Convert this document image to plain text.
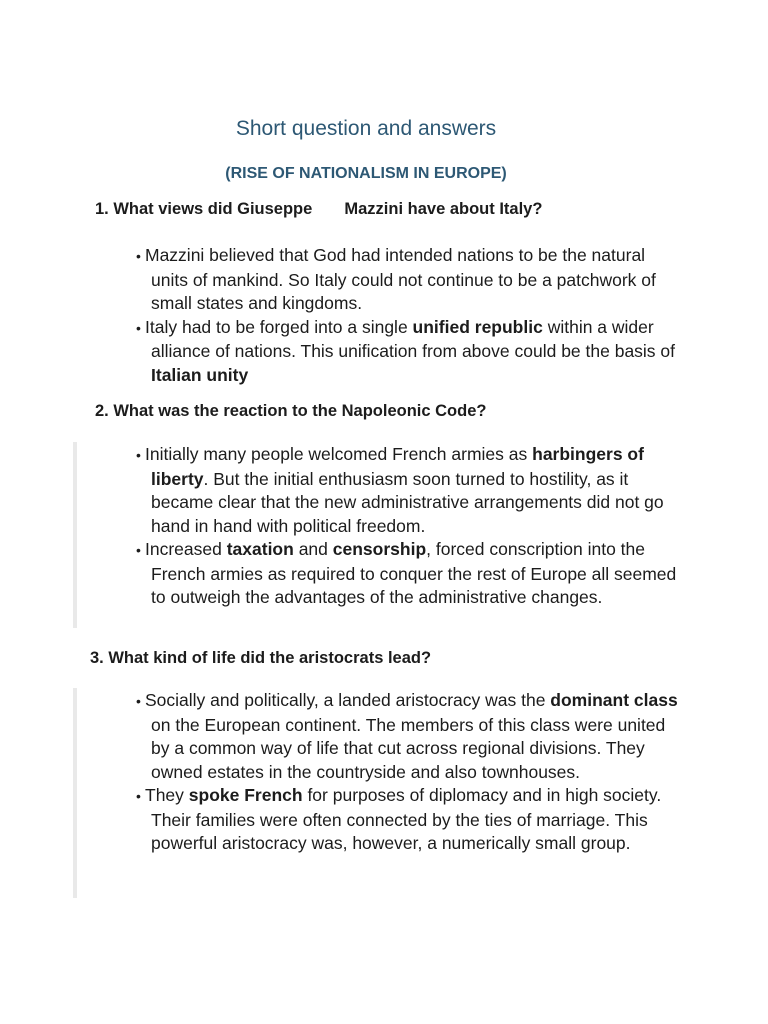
Short question and answers
(RISE OF NATIONALISM IN EUROPE)
1. What views did Giuseppe       Mazzini have about Italy?
• Mazzini believed that God had intended nations to be the natural units of mankind. So Italy could not continue to be a patchwork of small states and kingdoms.
• Italy had to be forged into a single unified republic within a wider alliance of nations. This unification from above could be the basis of Italian unity
2. What was the reaction to the Napoleonic Code?
• Initially many people welcomed French armies as harbingers of liberty. But the initial enthusiasm soon turned to hostility, as it became clear that the new administrative arrangements did not go hand in hand with political freedom.
• Increased taxation and censorship, forced conscription into the French armies as required to conquer the rest of Europe all seemed to outweigh the advantages of the administrative changes.
3. What kind of life did the aristocrats lead?
• Socially and politically, a landed aristocracy was the dominant class on the European continent. The members of this class were united by a common way of life that cut across regional divisions. They owned estates in the countryside and also townhouses.
• They spoke French for purposes of diplomacy and in high society. Their families were often connected by the ties of marriage. This powerful aristocracy was, however, a numerically small group.
